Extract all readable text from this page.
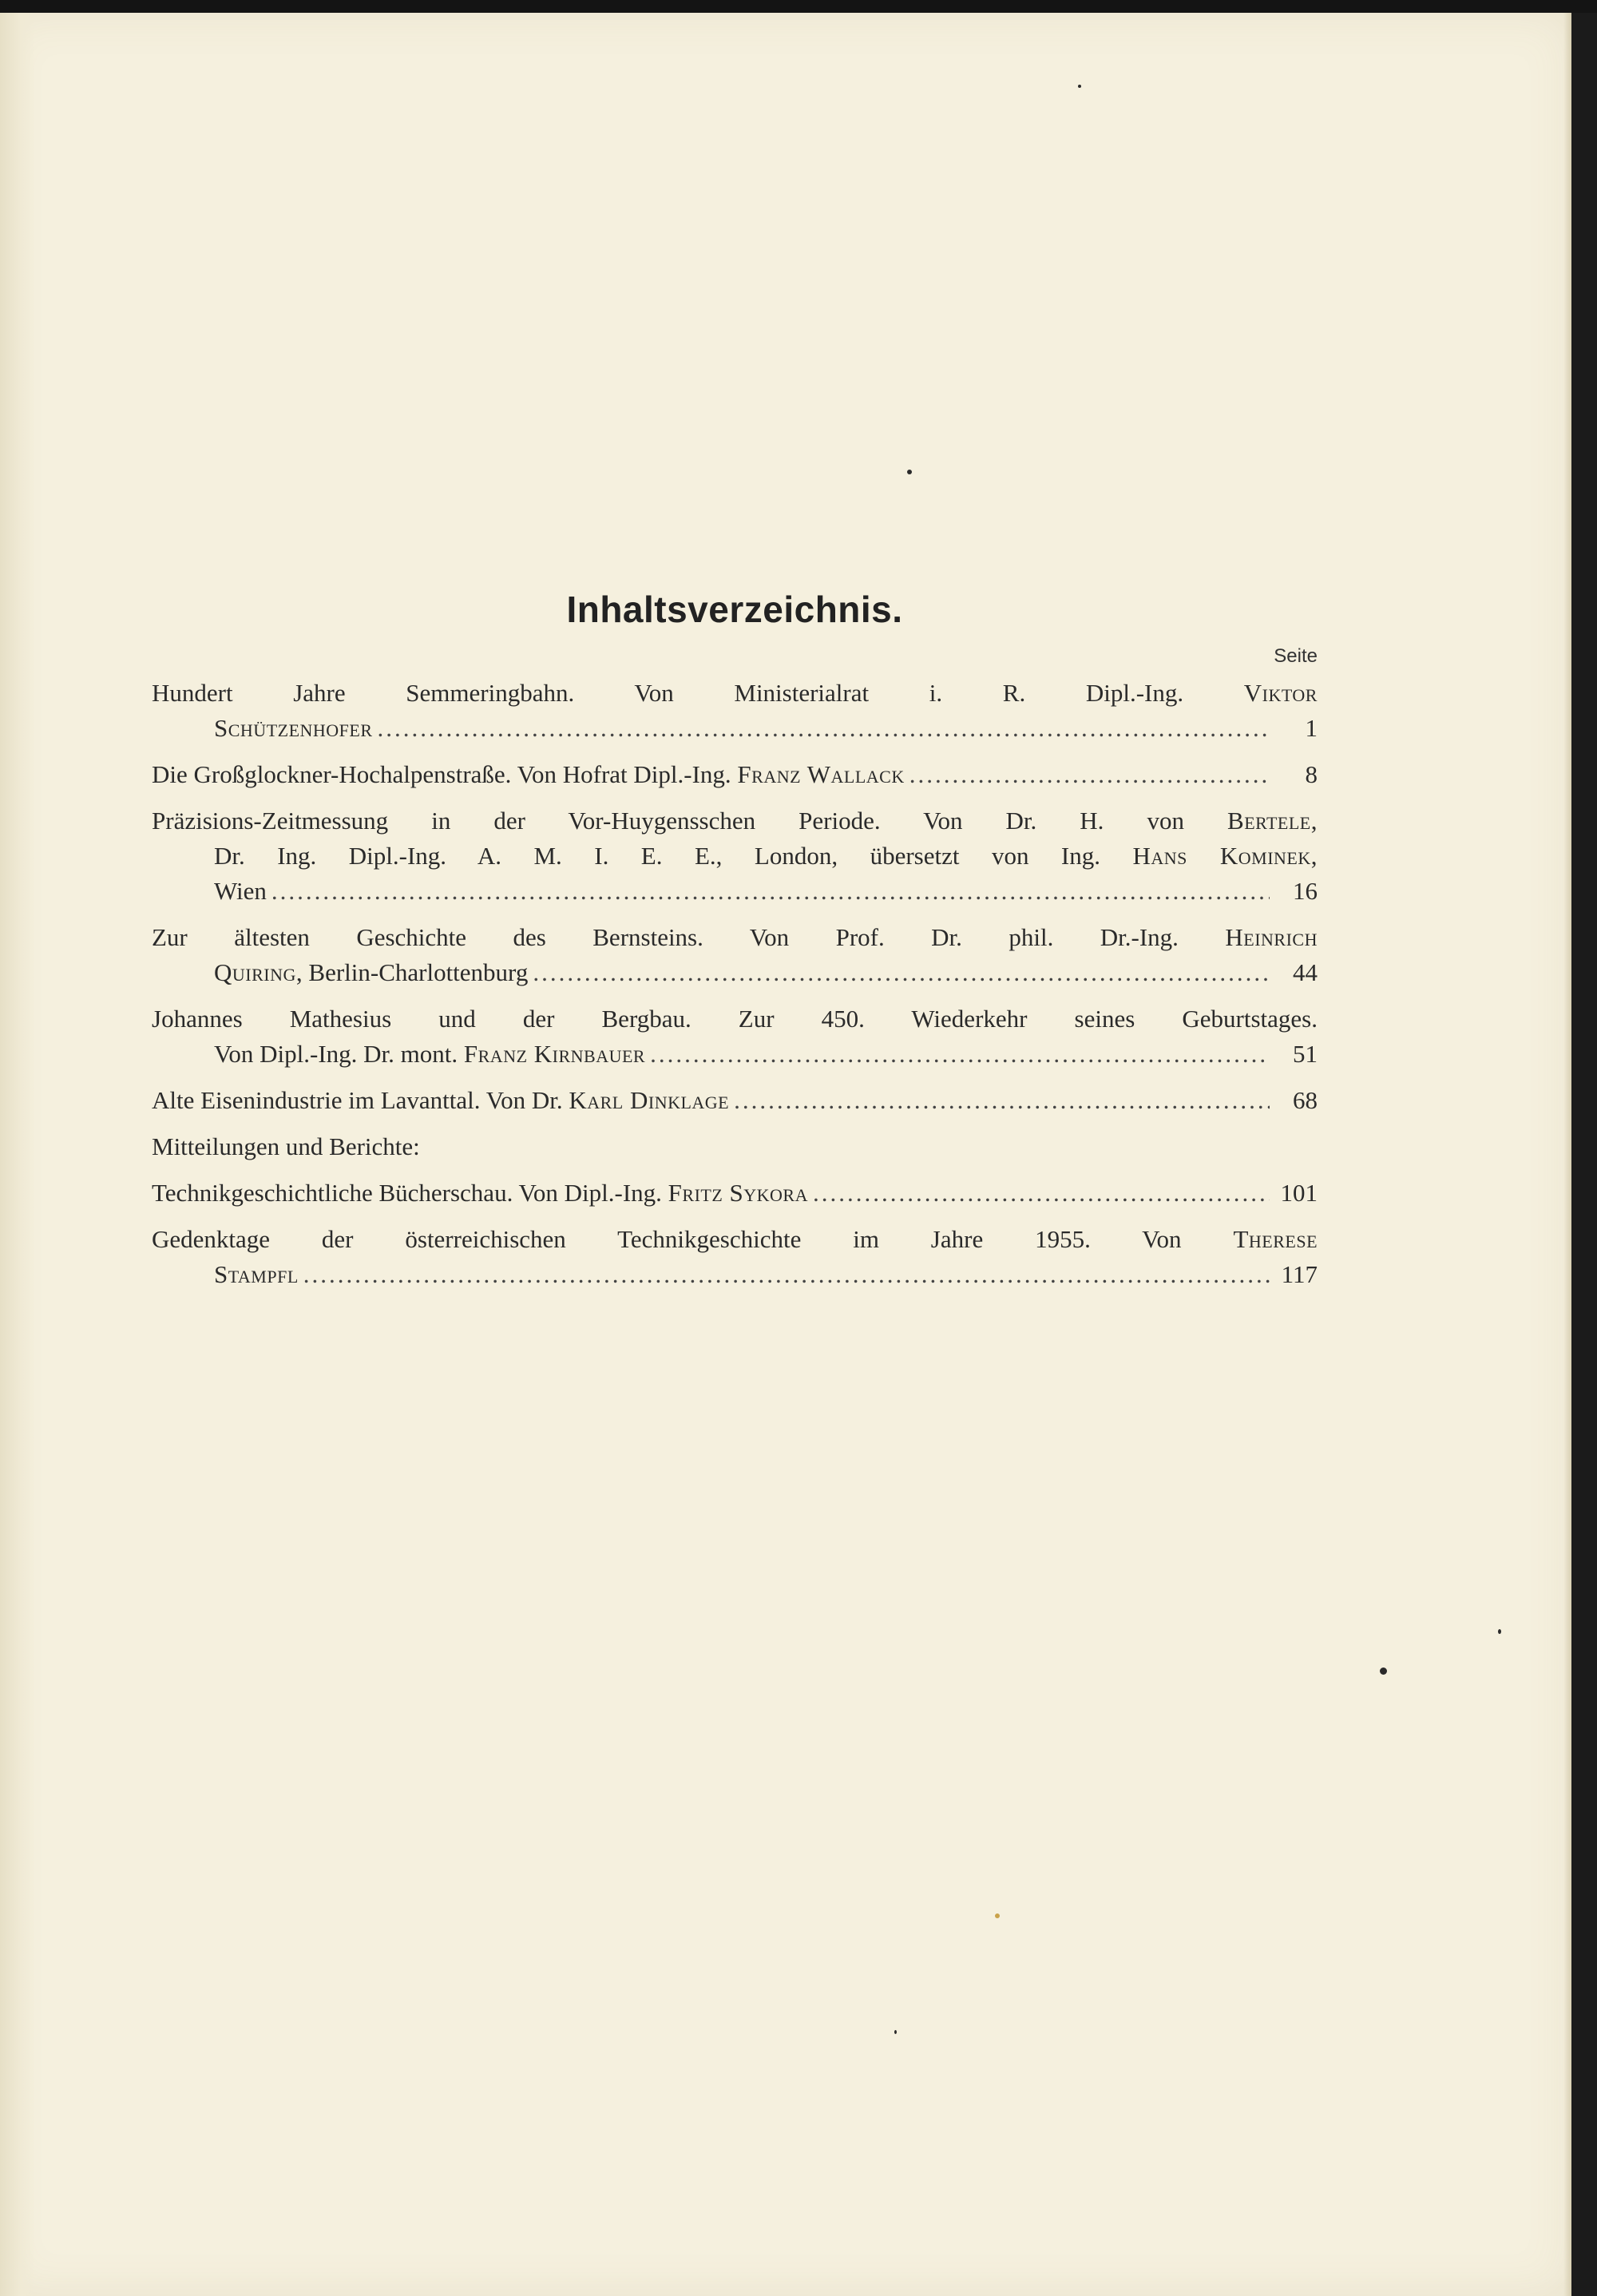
Inhaltsverzeichnis.
Seite
Hundert Jahre Semmeringbahn. Von Ministerialrat i. R. Dipl.-Ing. Viktor
Schützenhofer .....	1
Die Großglockner-Hochalpenstraße. Von Hofrat Dipl.-Ing. Franz Wallack .....	8
Präzisions-Zeitmessung in der Vor-Huygensschen Periode. Von Dr. H. von Bertele,
Dr. Ing. Dipl.-Ing. A. M. I. E. E., London, übersetzt von Ing. Hans Kominek,
Wien .....	16
Zur ältesten Geschichte des Bernsteins. Von Prof. Dr. phil. Dr.-Ing. Heinrich
Quiring, Berlin-Charlottenburg .....	44
Johannes Mathesius und der Bergbau. Zur 450. Wiederkehr seines Geburtstages.
Von Dipl.-Ing. Dr. mont. Franz Kirnbauer .....	51
Alte Eisenindustrie im Lavanttal. Von Dr. Karl Dinklage .....	68
Mitteilungen und Berichte:
Technikgeschichtliche Bücherschau. Von Dipl.-Ing. Fritz Sykora .....	101
Gedenktage der österreichischen Technikgeschichte im Jahre 1955. Von Therese
Stampfl .....	117
